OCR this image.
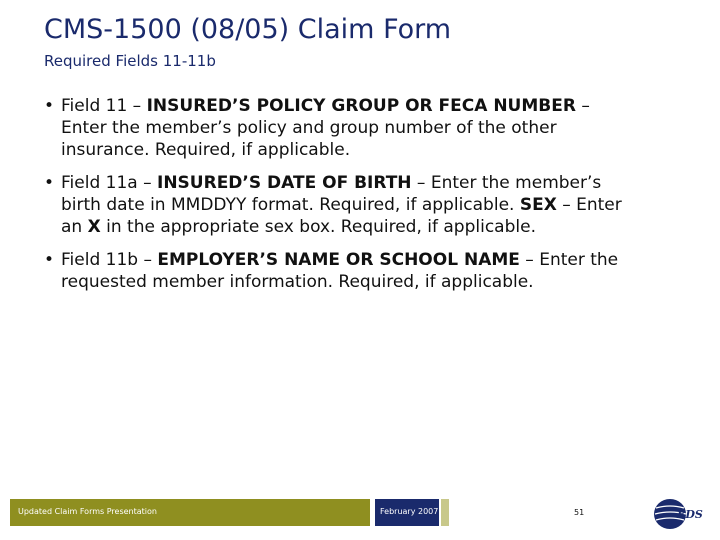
CMS-1500 (08/05) Claim Form
Required Fields 11-11b
• Field 11 – INSURED’S POLICY GROUP OR FECA NUMBER – Enter the member’s policy and group number of the other insurance. Required, if applicable.
• Field 11a – INSURED’S DATE OF BIRTH – Enter the member’s birth date in MMDDYY format. Required, if applicable. SEX – Enter an X in the appropriate sex box. Required, if applicable.
• Field 11b – EMPLOYER’S NAME OR SCHOOL NAME – Enter the requested member information. Required, if applicable.
Updated Claim Forms Presentation	February 2007	51	EDS
